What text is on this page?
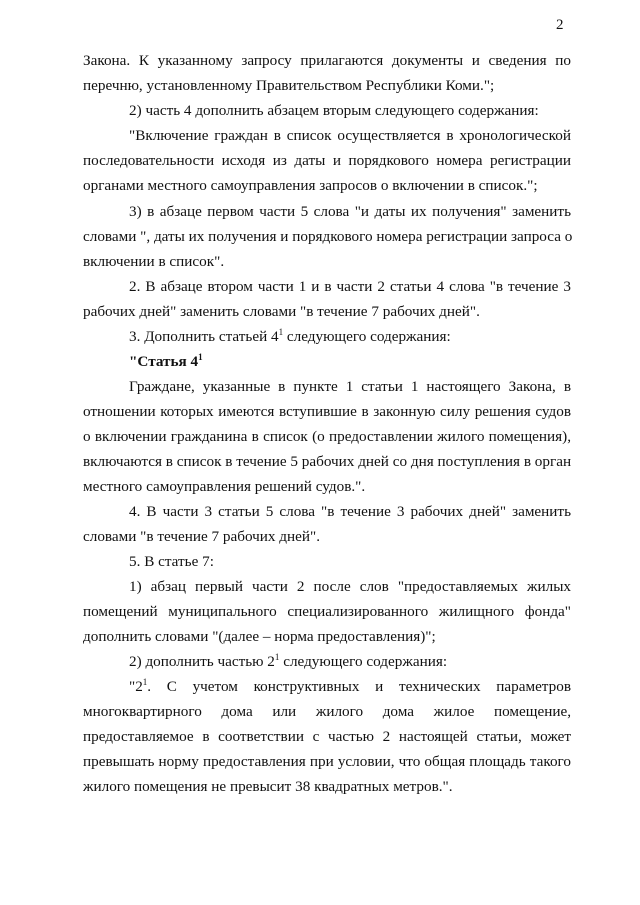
2
Закона. К указанному запросу прилагаются документы и сведения по
перечню, установленному Правительством Республики Коми.";
2) часть 4 дополнить абзацем вторым следующего содержания:
"Включение граждан в список осуществляется в хронологической
последовательности исходя из даты и порядкового номера регистрации
органами местного самоуправления запросов о включении в список.";
3) в абзаце первом части 5 слова "и даты их получения" заменить
словами ", даты их получения и порядкового номера регистрации запроса о
включении в список".
2. В абзаце втором части 1 и в части 2 статьи 4 слова "в течение 3
рабочих дней" заменить словами "в течение 7 рабочих дней".
3. Дополнить статьей $4^1$ следующего содержания:
"Статья $4^1$
Граждане, указанные в пункте 1 статьи 1 настоящего Закона, в
отношении которых имеются вступившие в законную силу решения судов
о включении гражданина в список (о предоставлении жилого помещения),
включаются в список в течение 5 рабочих дней со дня поступления в орган
местного самоуправления решений судов.".
4. В части 3 статьи 5 слова "в течение 3 рабочих дней" заменить
словами "в течение 7 рабочих дней".
5. В статье 7:
1) абзац первый части 2 после слов "предоставляемых жилых
помещений муниципального специализированного жилищного фонда"
дополнить словами "(далее – норма предоставления)";
2) дополнить частью $2^1$ следующего содержания:
"$2^1$. С учетом конструктивных и технических параметров
многоквартирного дома или жилого дома жилое помещение,
предоставляемое в соответствии с частью 2 настоящей статьи, может
превышать норму предоставления при условии, что общая площадь такого
жилого помещения не превысит 38 квадратных метров.".
